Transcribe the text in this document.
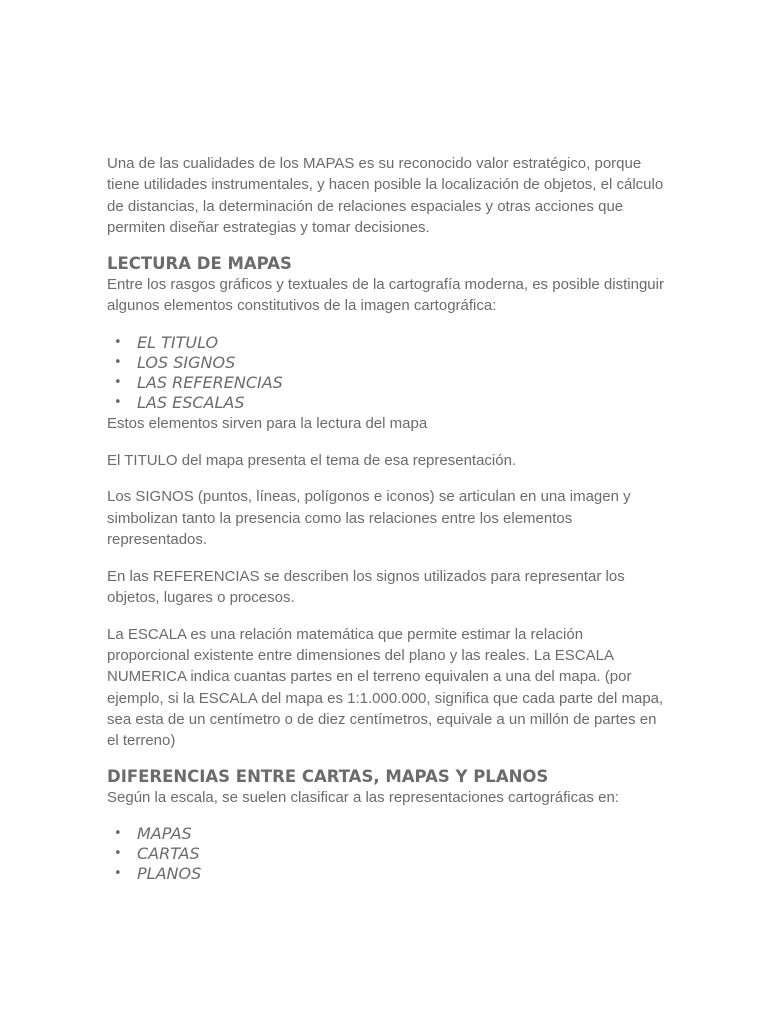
Una de las cualidades de los MAPAS es su reconocido valor estratégico, porque tiene utilidades instrumentales, y hacen posible la localización de objetos, el cálculo de distancias, la determinación de relaciones espaciales y otras acciones que permiten diseñar estrategias y tomar decisiones.

LECTURA DE MAPAS

Entre los rasgos gráficos y textuales de la cartografía moderna, es posible distinguir algunos elementos constitutivos de la imagen cartográfica:

• EL TITULO
• LOS SIGNOS
• LAS REFERENCIAS
• LAS ESCALAS

Estos elementos sirven para la lectura del mapa

El TITULO del mapa presenta el tema de esa representación.

Los SIGNOS (puntos, líneas, polígonos e iconos) se articulan en una imagen y simbolizan tanto la presencia como las relaciones entre los elementos representados.

En las REFERENCIAS se describen los signos utilizados para representar los objetos, lugares o procesos.

La ESCALA es una relación matemática que permite estimar la relación proporcional existente entre dimensiones del plano y las reales. La ESCALA NUMERICA indica cuantas partes en el terreno equivalen a una del mapa. (por ejemplo, si la ESCALA del mapa es 1:1.000.000, significa que cada parte del mapa, sea esta de un centímetro o de diez centímetros, equivale a un millón de partes en el terreno)

DIFERENCIAS ENTRE CARTAS, MAPAS Y PLANOS

Según la escala, se suelen clasificar a las representaciones cartográficas en:

• MAPAS
• CARTAS
• PLANOS
